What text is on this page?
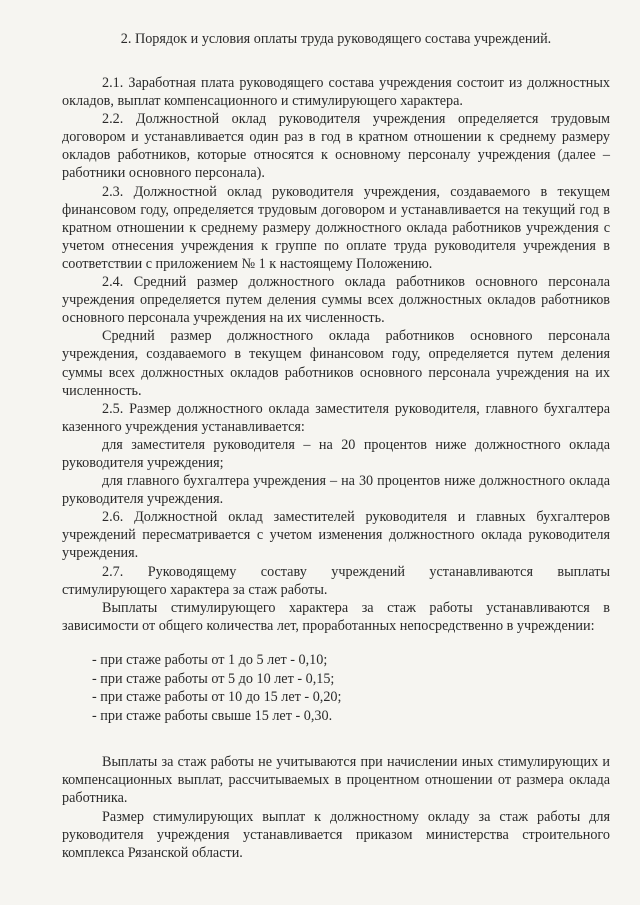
2. Порядок и условия оплаты труда руководящего состава учреждений.

2.1. Заработная плата руководящего состава учреждения состоит из должностных окладов, выплат компенсационного и стимулирующего характера.

2.2. Должностной оклад руководителя учреждения определяется трудовым договором и устанавливается один раз в год в кратном отношении к среднему размеру окладов работников, которые относятся к основному персоналу учреждения (далее – работники основного персонала).

2.3. Должностной оклад руководителя учреждения, создаваемого в текущем финансовом году, определяется трудовым договором и устанавливается на текущий год в кратном отношении к среднему размеру должностного оклада работников учреждения с учетом отнесения учреждения к группе по оплате труда руководителя учреждения в соответствии с приложением № 1 к настоящему Положению.

2.4. Средний размер должностного оклада работников основного персонала учреждения определяется путем деления суммы всех должностных окладов работников основного персонала учреждения на их численность.

Средний размер должностного оклада работников основного персонала учреждения, создаваемого в текущем финансовом году, определяется путем деления суммы всех должностных окладов работников основного персонала учреждения на их численность.

2.5. Размер должностного оклада заместителя руководителя, главного бухгалтера казенного учреждения устанавливается:

для заместителя руководителя – на 20 процентов ниже должностного оклада руководителя учреждения;

для главного бухгалтера учреждения – на 30 процентов ниже должностного оклада руководителя учреждения.

2.6. Должностной оклад заместителей руководителя и главных бухгалтеров учреждений пересматривается с учетом изменения должностного оклада руководителя учреждения.

2.7. Руководящему составу учреждений устанавливаются выплаты стимулирующего характера за стаж работы.

Выплаты стимулирующего характера за стаж работы устанавливаются в зависимости от общего количества лет, проработанных непосредственно в учреждении:

- при стаже работы от 1 до 5 лет - 0,10;
- при стаже работы от 5 до 10 лет - 0,15;
- при стаже работы от 10 до 15 лет - 0,20;
- при стаже работы свыше 15 лет - 0,30.

Выплаты за стаж работы не учитываются при начислении иных стимулирующих и компенсационных выплат, рассчитываемых в процентном отношении от размера оклада работника.

Размер стимулирующих выплат к должностному окладу за стаж работы для руководителя учреждения устанавливается приказом министерства строительного комплекса Рязанской области.
